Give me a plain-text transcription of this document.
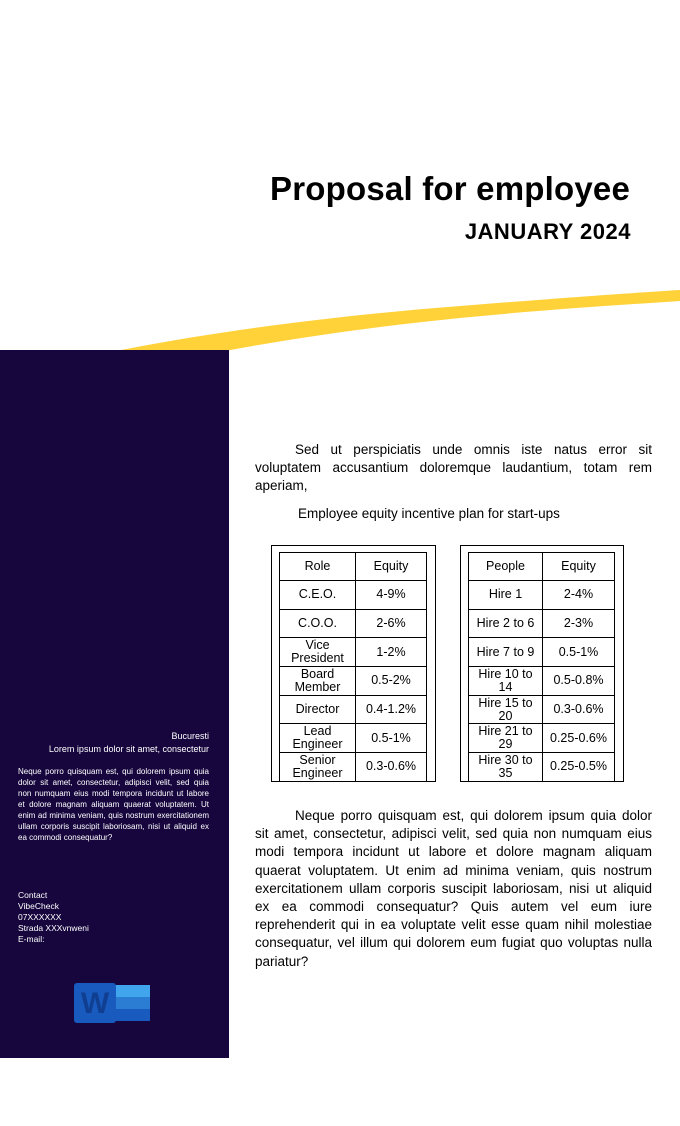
Proposal for employee
JANUARY 2024
Bucuresti
Lorem ipsum dolor sit amet, consectetur

Neque porro quisquam est, qui dolorem ipsum quia dolor sit amet, consectetur, adipisci velit, sed quia non numquam eius modi tempora incidunt ut labore et dolore magnam aliquam quaerat voluptatem. Ut enim ad minima veniam, quis nostrum exercitationem ullam corporis suscipit laboriosam, nisi ut aliquid ex ea commodi consequatur?

Contact
VibeCheck
07XXXXXX
Strada XXXvnweni
E-mail:
W

Sed ut perspiciatis unde omnis iste natus error sit voluptatem accusantium doloremque laudantium, totam rem aperiam,

Employee equity incentive plan for start-ups
Role	Equity
C.E.O.	4-9%
C.O.O.	2-6%
Vice President	1-2%
Board Member	0.5-2%
Director	0.4-1.2%
Lead Engineer	0.5-1%
Senior Engineer	0.3-0.6%
People	Equity
Hire 1	2-4%
Hire 2 to 6	2-3%
Hire 7 to 9	0.5-1%
Hire 10 to 14	0.5-0.8%
Hire 15 to 20	0.3-0.6%
Hire 21 to 29	0.25-0.6%
Hire 30 to 35	0.25-0.5%

Neque porro quisquam est, qui dolorem ipsum quia dolor sit amet, consectetur, adipisci velit, sed quia non numquam eius modi tempora incidunt ut labore et dolore magnam aliquam quaerat voluptatem. Ut enim ad minima veniam, quis nostrum exercitationem ullam corporis suscipit laboriosam, nisi ut aliquid ex ea commodi consequatur? Quis autem vel eum iure reprehenderit qui in ea voluptate velit esse quam nihil molestiae consequatur, vel illum qui dolorem eum fugiat quo voluptas nulla pariatur?
